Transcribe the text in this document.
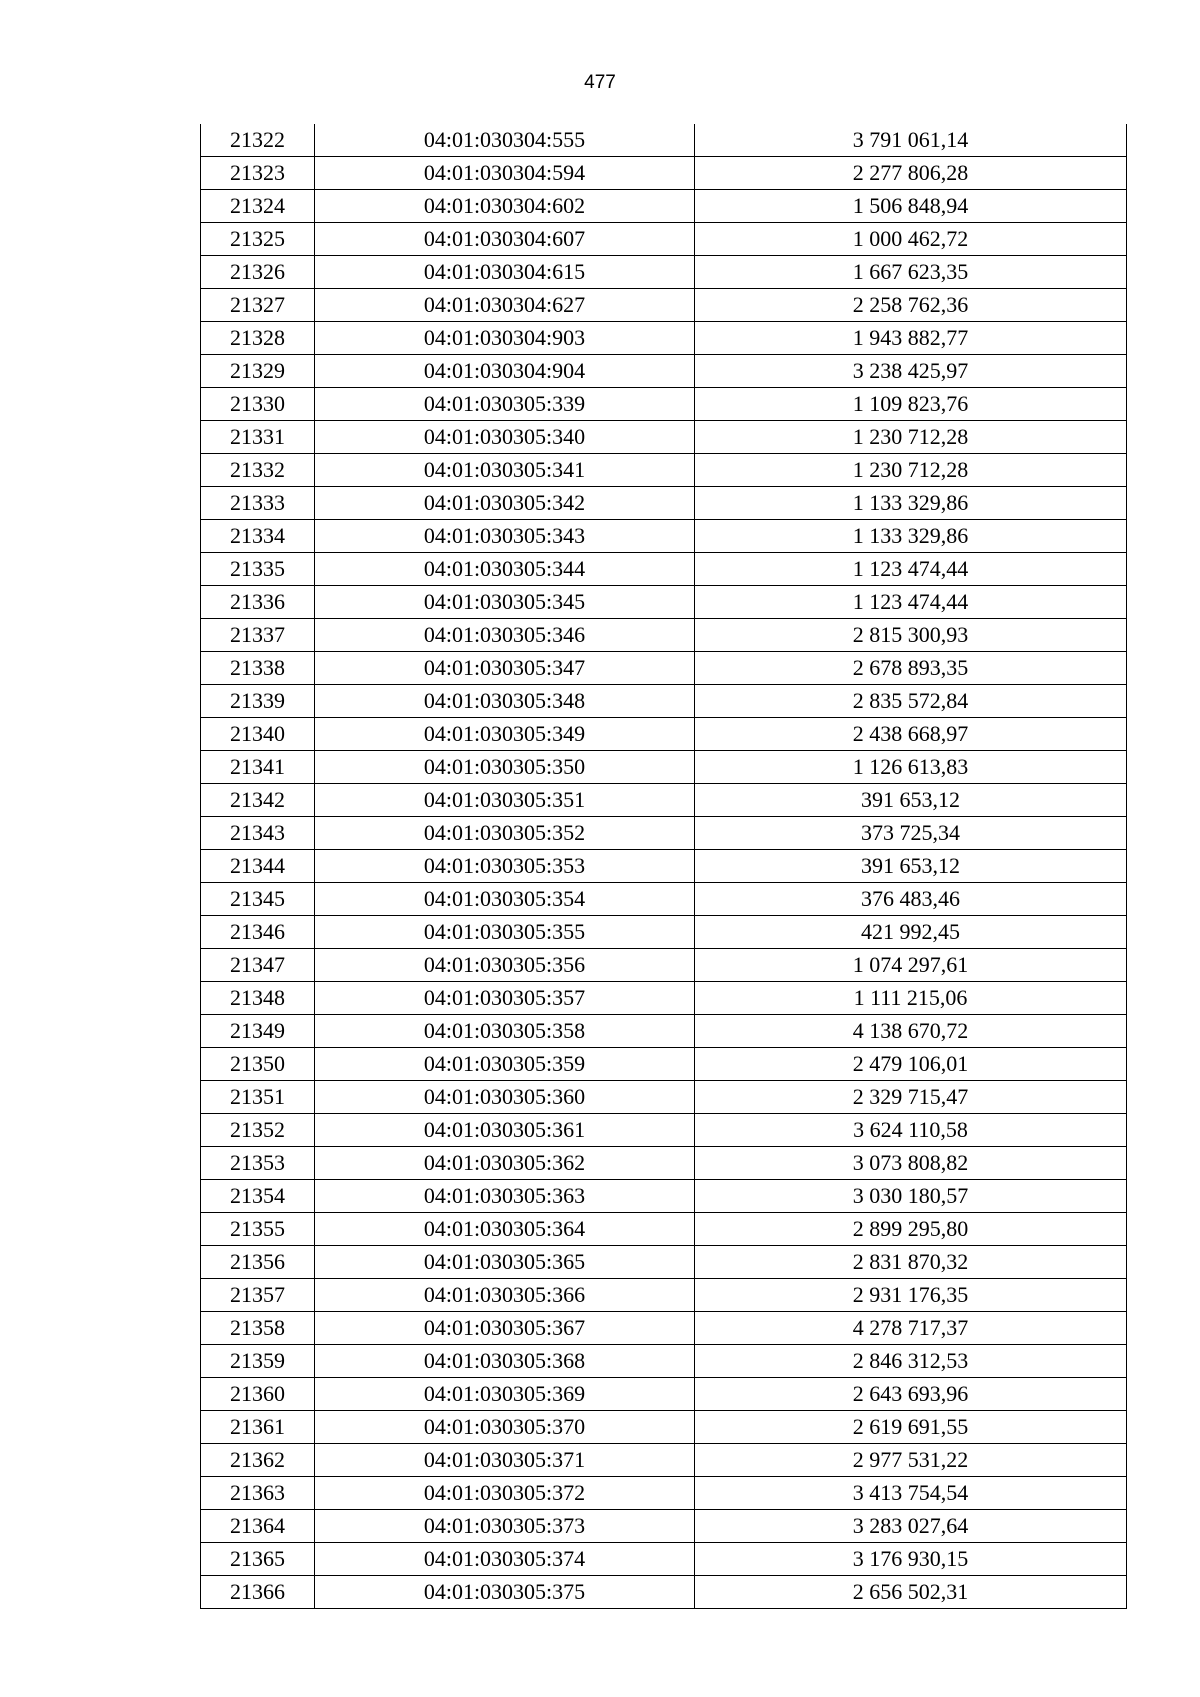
477
21322	04:01:030304:555	3 791 061,14
21323	04:01:030304:594	2 277 806,28
21324	04:01:030304:602	1 506 848,94
21325	04:01:030304:607	1 000 462,72
21326	04:01:030304:615	1 667 623,35
21327	04:01:030304:627	2 258 762,36
21328	04:01:030304:903	1 943 882,77
21329	04:01:030304:904	3 238 425,97
21330	04:01:030305:339	1 109 823,76
21331	04:01:030305:340	1 230 712,28
21332	04:01:030305:341	1 230 712,28
21333	04:01:030305:342	1 133 329,86
21334	04:01:030305:343	1 133 329,86
21335	04:01:030305:344	1 123 474,44
21336	04:01:030305:345	1 123 474,44
21337	04:01:030305:346	2 815 300,93
21338	04:01:030305:347	2 678 893,35
21339	04:01:030305:348	2 835 572,84
21340	04:01:030305:349	2 438 668,97
21341	04:01:030305:350	1 126 613,83
21342	04:01:030305:351	391 653,12
21343	04:01:030305:352	373 725,34
21344	04:01:030305:353	391 653,12
21345	04:01:030305:354	376 483,46
21346	04:01:030305:355	421 992,45
21347	04:01:030305:356	1 074 297,61
21348	04:01:030305:357	1 111 215,06
21349	04:01:030305:358	4 138 670,72
21350	04:01:030305:359	2 479 106,01
21351	04:01:030305:360	2 329 715,47
21352	04:01:030305:361	3 624 110,58
21353	04:01:030305:362	3 073 808,82
21354	04:01:030305:363	3 030 180,57
21355	04:01:030305:364	2 899 295,80
21356	04:01:030305:365	2 831 870,32
21357	04:01:030305:366	2 931 176,35
21358	04:01:030305:367	4 278 717,37
21359	04:01:030305:368	2 846 312,53
21360	04:01:030305:369	2 643 693,96
21361	04:01:030305:370	2 619 691,55
21362	04:01:030305:371	2 977 531,22
21363	04:01:030305:372	3 413 754,54
21364	04:01:030305:373	3 283 027,64
21365	04:01:030305:374	3 176 930,15
21366	04:01:030305:375	2 656 502,31
